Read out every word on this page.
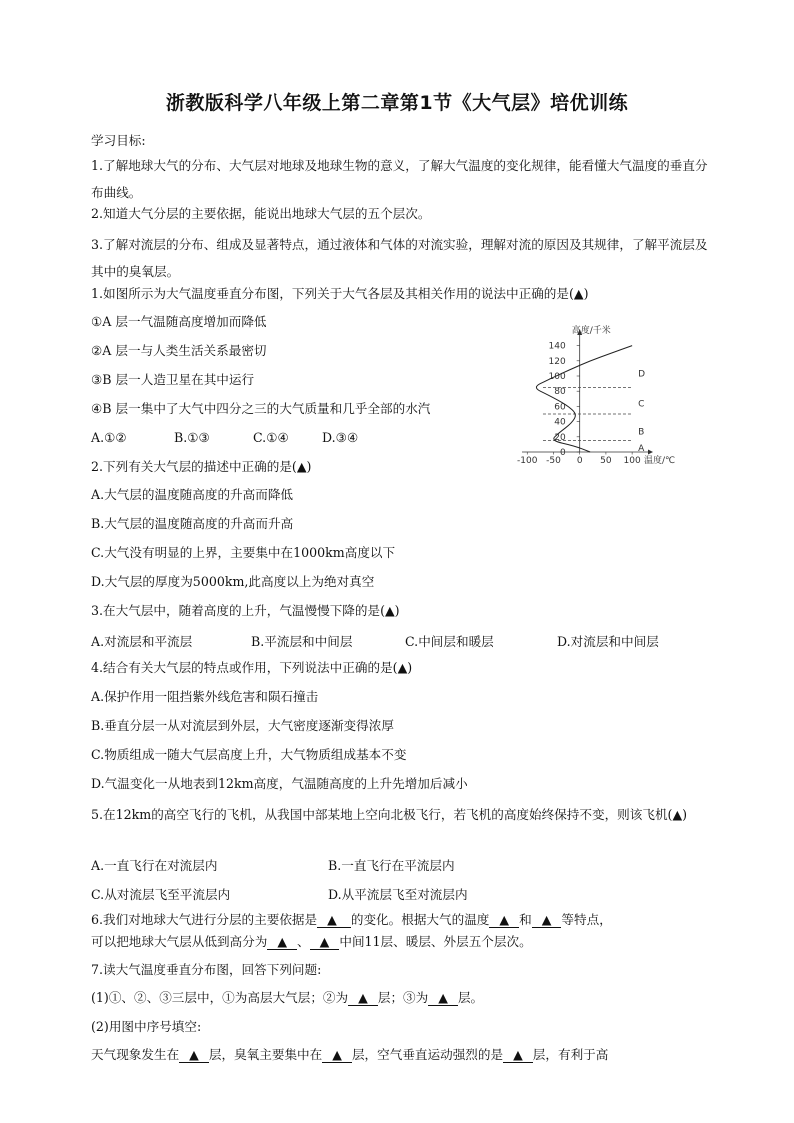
浙教版科学八年级上第二章第1节《大气层》培优训练
学习目标:
1.了解地球大气的分布、大气层对地球及地球生物的意义，了解大气温度的变化规律，能看懂大气温度的垂直分布曲线。
2.知道大气分层的主要依据，能说出地球大气层的五个层次。
3.了解对流层的分布、组成及显著特点，通过液体和气体的对流实验，理解对流的原因及其规律，了解平流层及其中的臭氧层。
1.如图所示为大气温度垂直分布图，下列关于大气各层及其相关作用的说法中正确的是(▲)
①A 层一气温随高度增加而降低
②A 层一与人类生活关系最密切
③B 层一人造卫星在其中运行
④B 层一集中了大气中四分之三的大气质量和几乎全部的水汽
A.①②	B.①③	C.①④	D.③④
0
20
40
60
80
100
120
140
-100 -50 0 50 100
高度/千米
温度/℃
A
B
C
D
2.下列有关大气层的描述中正确的是(▲)
A.大气层的温度随高度的升高而降低
B.大气层的温度随高度的升高而升高
C.大气没有明显的上界，主要集中在1000km高度以下
D.大气层的厚度为5000km,此高度以上为绝对真空
3.在大气层中，随着高度的上升，气温慢慢下降的是(▲)
A.对流层和平流层	B.平流层和中间层	C.中间层和暖层	D.对流层和中间层
4.结合有关大气层的特点或作用，下列说法中正确的是(▲)
A.保护作用一阻挡紫外线危害和陨石撞击
B.垂直分层一从对流层到外层，大气密度逐渐变得浓厚
C.物质组成一随大气层高度上升，大气物质组成基本不变
D.气温变化一从地表到12km高度，气温随高度的上升先增加后减小
5.在12km的高空飞行的飞机，从我国中部某地上空向北极飞行，若飞机的高度始终保持不变，则该飞机(▲)
A.一直飞行在对流层内	B.一直飞行在平流层内
C.从对流层飞至平流层内	D.从平流层飞至对流层内
6.我们对地球大气进行分层的主要依据是 ▲ 的变化。根据大气的温度 ▲ 和 ▲ 等特点，
可以把地球大气层从低到高分为 ▲ 、 ▲ 中间11层、暖层、外层五个层次。
7.读大气温度垂直分布图，回答下列问题:
(1)①、②、③三层中，①为高层大气层；②为 ▲ 层；③为 ▲ 层。
(2)用图中序号填空:
天气现象发生在 ▲ 层，臭氧主要集中在 ▲ 层，空气垂直运动强烈的是 ▲ 层，有利于高
